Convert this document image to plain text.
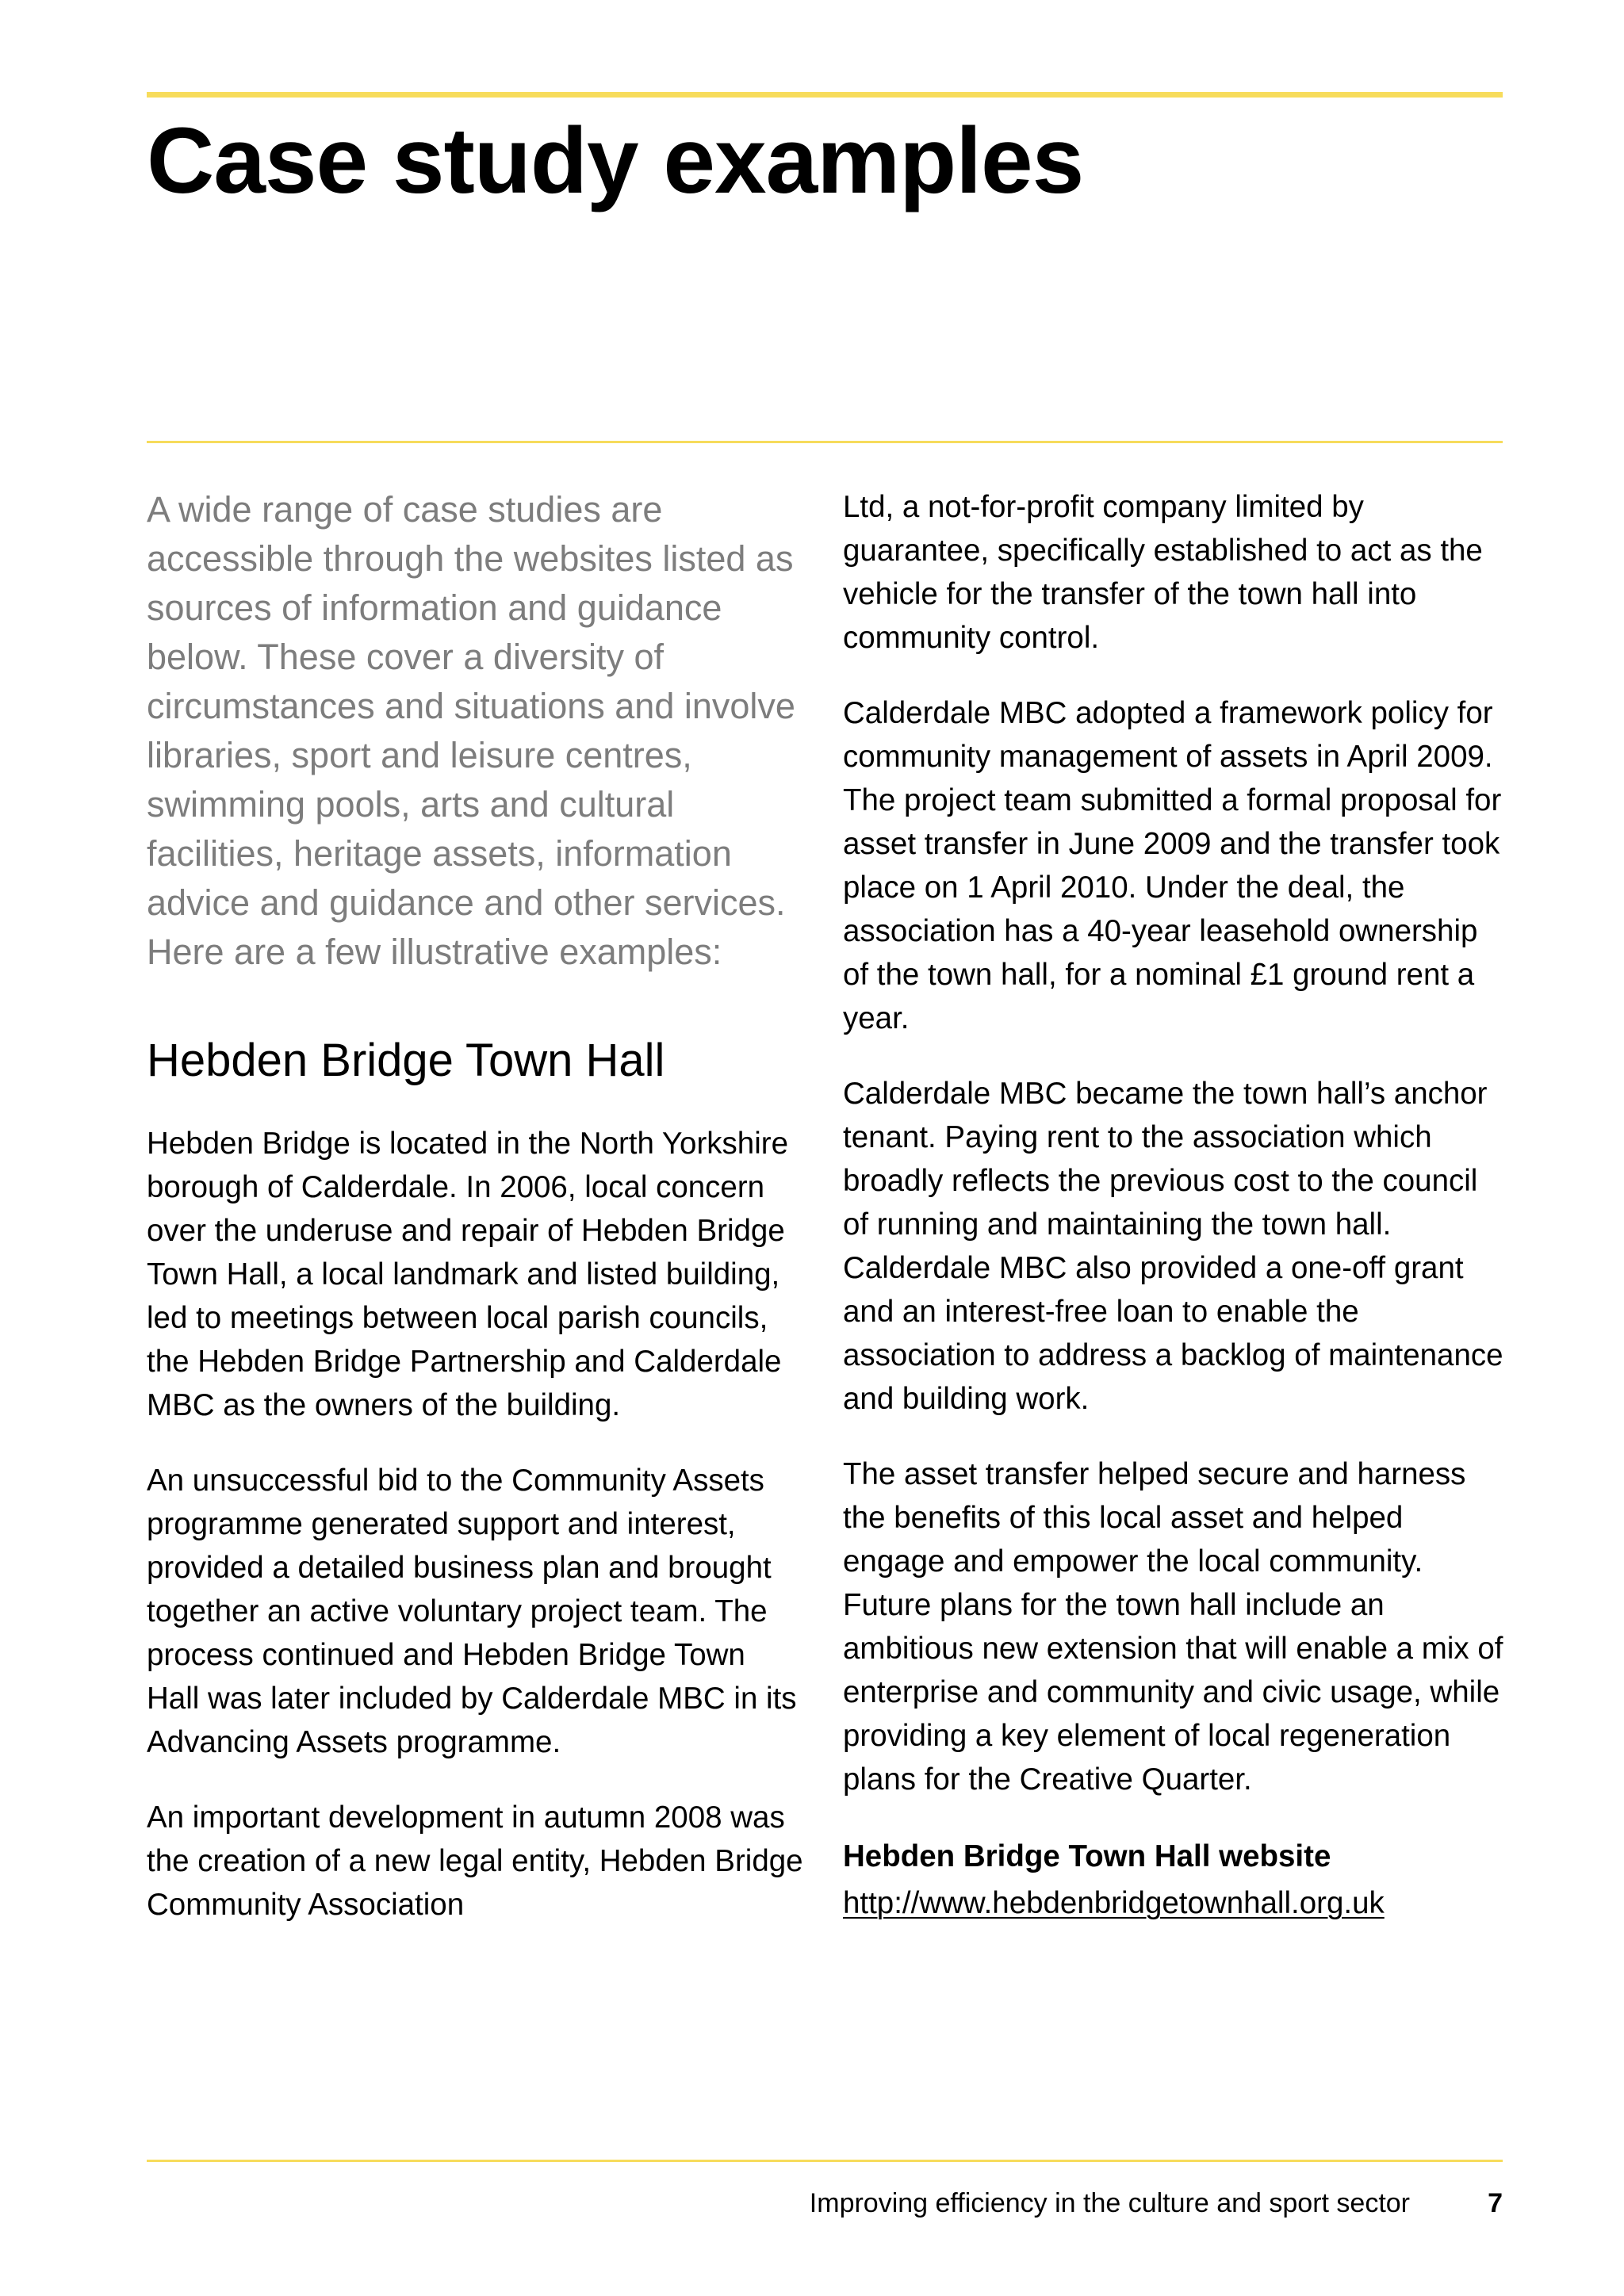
Case study examples

A wide range of case studies are accessible through the websites listed as sources of information and guidance below. These cover a diversity of circumstances and situations and involve libraries, sport and leisure centres, swimming pools, arts and cultural facilities, heritage assets, information advice and guidance and other services. Here are a few illustrative examples:

Hebden Bridge Town Hall

Hebden Bridge is located in the North Yorkshire borough of Calderdale. In 2006, local concern over the underuse and repair of Hebden Bridge Town Hall, a local landmark and listed building, led to meetings between local parish councils, the Hebden Bridge Partnership and Calderdale MBC as the owners of the building.

An unsuccessful bid to the Community Assets programme generated support and interest, provided a detailed business plan and brought together an active voluntary project team. The process continued and Hebden Bridge Town Hall was later included by Calderdale MBC in its Advancing Assets programme.

An important development in autumn 2008 was the creation of a new legal entity, Hebden Bridge Community Association

Ltd, a not-for-profit company limited by guarantee, specifically established to act as the vehicle for the transfer of the town hall into community control.

Calderdale MBC adopted a framework policy for community management of assets in April 2009. The project team submitted a formal proposal for asset transfer in June 2009 and the transfer took place on 1 April 2010. Under the deal, the association has a 40-year leasehold ownership of the town hall, for a nominal £1 ground rent a year.

Calderdale MBC became the town hall’s anchor tenant. Paying rent to the association which broadly reflects the previous cost to the council of running and maintaining the town hall. Calderdale MBC also provided a one-off grant and an interest-free loan to enable the association to address a backlog of maintenance and building work.

The asset transfer helped secure and harness the benefits of this local asset and helped engage and empower the local community. Future plans for the town hall include an ambitious new extension that will enable a mix of enterprise and community and civic usage, while providing a key element of local regeneration plans for the Creative Quarter.

Hebden Bridge Town Hall website
http://www.hebdenbridgetownhall.org.uk
Improving efficiency in the culture and sport sector	7
